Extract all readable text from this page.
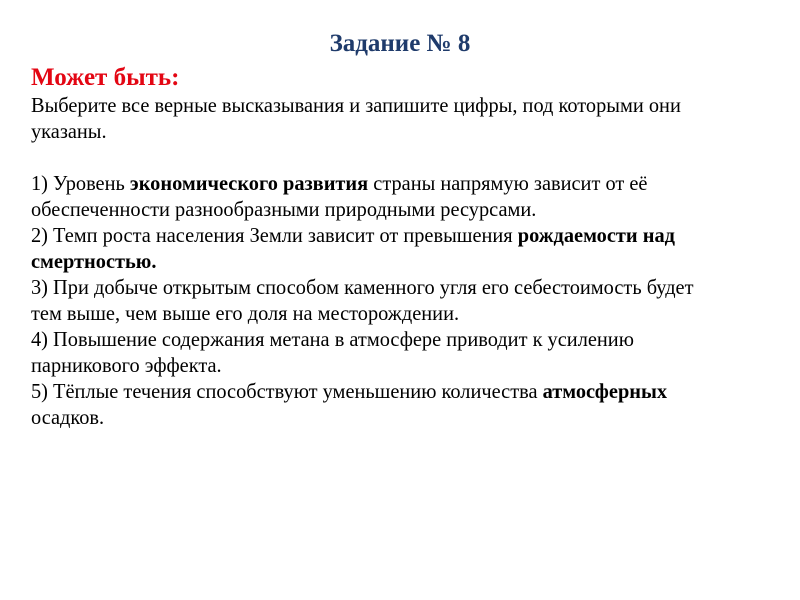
Задание № 8
Может быть:
Выберите все верные высказывания и запишите цифры, под которыми они
указаны.
1) Уровень экономического развития страны напрямую зависит от её
обеспеченности разнообразными природными ресурсами.
2) Темп роста населения Земли зависит от превышения рождаемости над
смертностью.
3) При добыче открытым способом каменного угля его себестоимость будет
тем выше, чем выше его доля на месторождении.
4) Повышение содержания метана в атмосфере приводит к усилению
парникового эффекта.
5) Тёплые течения способствуют уменьшению количества атмосферных
осадков.
